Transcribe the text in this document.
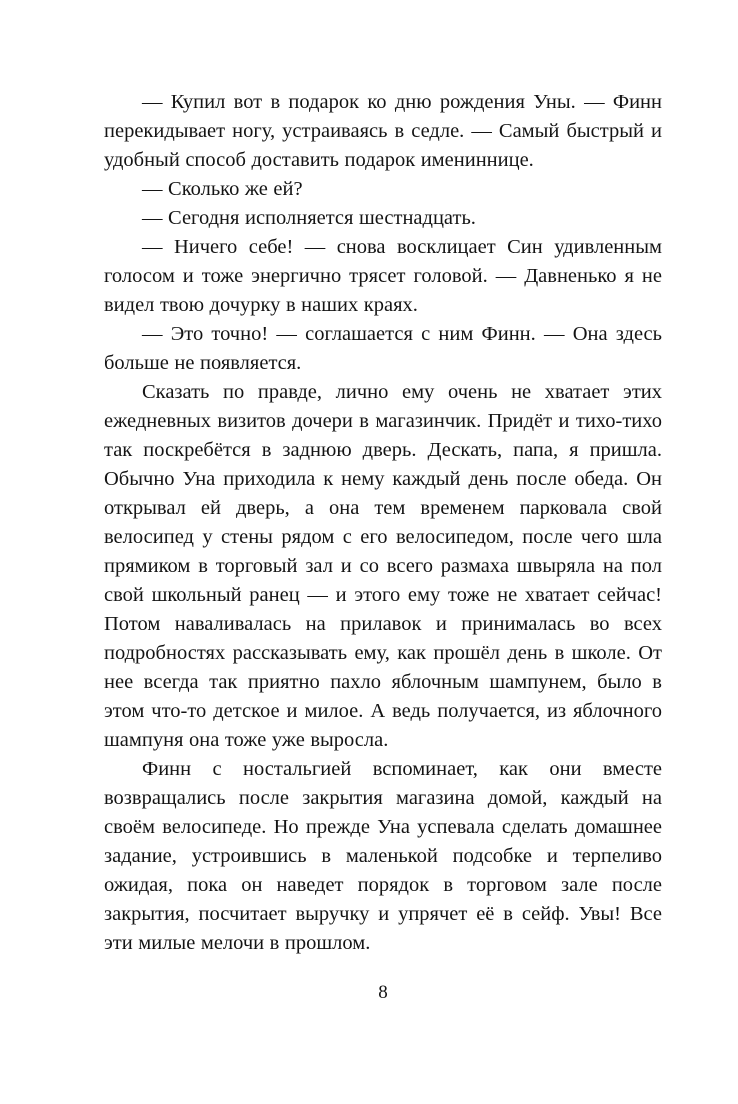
— Купил вот в подарок ко дню рождения Уны. — Финн перекидывает ногу, устраиваясь в седле. — Самый быстрый и удобный способ доставить подарок имениннице.

— Сколько же ей?

— Сегодня исполняется шестнадцать.

— Ничего себе! — снова восклицает Син удивленным голосом и тоже энергично трясет головой. — Давненько я не видел твою дочурку в наших краях.

— Это точно! — соглашается с ним Финн. — Она здесь больше не появляется.

Сказать по правде, лично ему очень не хватает этих ежедневных визитов дочери в магазинчик. Придёт и тихо-тихо так поскребётся в заднюю дверь. Дескать, папа, я пришла. Обычно Уна приходила к нему каждый день после обеда. Он открывал ей дверь, а она тем временем парковала свой велосипед у стены рядом с его велосипедом, после чего шла прямиком в торговый зал и со всего размаха швыряла на пол свой школьный ранец — и этого ему тоже не хватает сейчас! Потом наваливалась на прилавок и принималась во всех подробностях рассказывать ему, как прошёл день в школе. От нее всегда так приятно пахло яблочным шампунем, было в этом что-то детское и милое. А ведь получается, из яблочного шампуня она тоже уже выросла.

Финн с ностальгией вспоминает, как они вместе возвращались после закрытия магазина домой, каждый на своём велосипеде. Но прежде Уна успевала сделать домашнее задание, устроившись в маленькой подсобке и терпеливо ожидая, пока он наведет порядок в торговом зале после закрытия, посчитает выручку и упрячет её в сейф. Увы! Все эти милые мелочи в прошлом.

8
